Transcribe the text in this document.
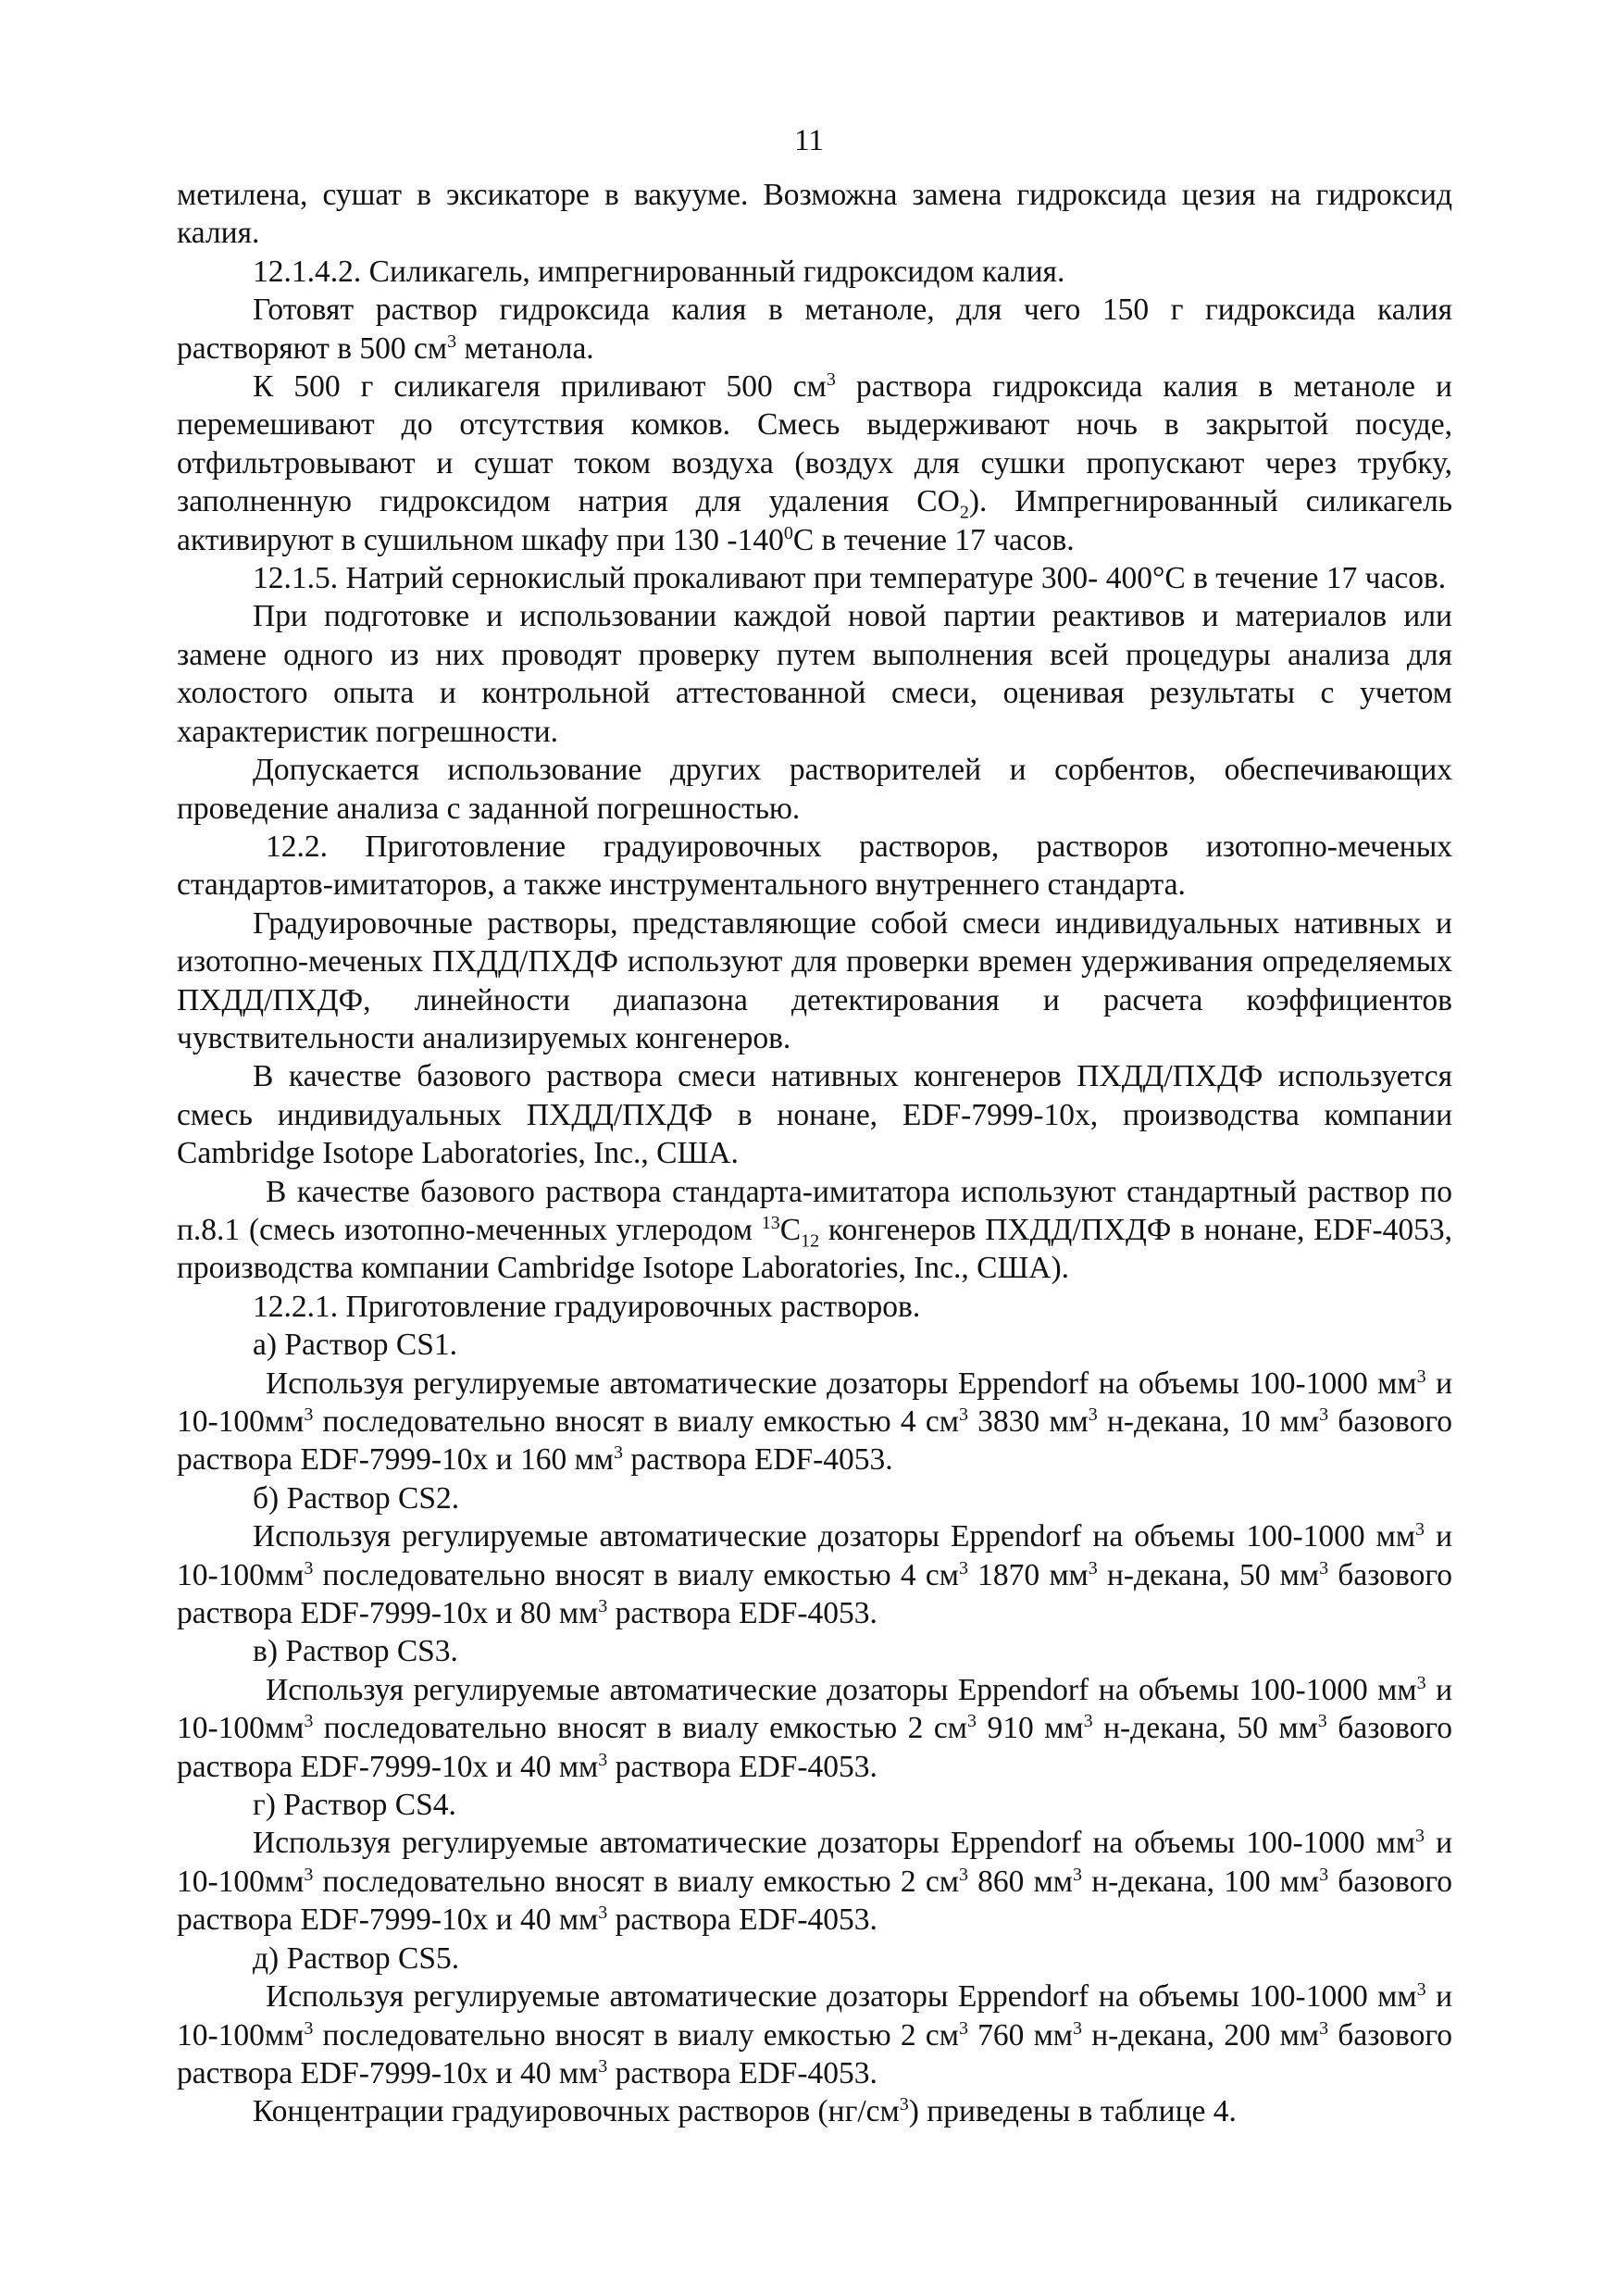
11

метилена, сушат в эксикаторе в вакууме. Возможна замена гидроксида цезия на гидроксид калия.

12.1.4.2. Силикагель, импрегнированный гидроксидом калия.

Готовят раствор гидроксида калия в метаноле, для чего 150 г гидроксида калия растворяют в 500 $см^3$ метанола.

К 500 г силикагеля приливают 500 $см^3$ раствора гидроксида калия в метаноле и перемешивают до отсутствия комков. Смесь выдерживают ночь в закрытой посуде, отфильтровывают и сушат током воздуха (воздух для сушки пропускают через трубку, заполненную гидроксидом натрия для удаления $СО_2$). Импрегнированный силикагель активируют в сушильном шкафу при 130 $-140^0С$ в течение 17 часов.

12.1.5. Натрий сернокислый прокаливают при температуре 300- 400°С в течение 17 часов.

При подготовке и использовании каждой новой партии реактивов и материалов или замене одного из них проводят проверку путем выполнения всей процедуры анализа для холостого опыта и контрольной аттестованной смеси, оценивая результаты с учетом характеристик погрешности.

Допускается использование других растворителей и сорбентов, обеспечивающих проведение анализа с заданной погрешностью.

12.2. Приготовление градуировочных растворов, растворов изотопно-меченых стандартов-имитаторов, а также инструментального внутреннего стандарта.

Градуировочные растворы, представляющие собой смеси индивидуальных нативных и изотопно-меченых ПХДД/ПХДФ используют для проверки времен удерживания определяемых ПХДД/ПХДФ, линейности диапазона детектирования и расчета коэффициентов чувствительности анализируемых конгенеров.

В качестве базового раствора смеси нативных конгенеров ПХДД/ПХДФ используется смесь индивидуальных ПХДД/ПХДФ в нонане, EDF-7999-10x, производства компании Cambridge Isotope Laboratories, Inc., США.

В качестве базового раствора стандарта-имитатора используют стандартный раствор по п.8.1 (смесь изотопно-меченных углеродом $^{13}С_{12}$ конгенеров ПХДД/ПХДФ в нонане, EDF-4053, производства компании Cambridge Isotope Laboratories, Inc., США).

12.2.1. Приготовление градуировочных растворов.

а) Раствор CS1.

Используя регулируемые автоматические дозаторы Eppendorf на объемы 100-1000 $мм^3$ и $10-100мм^3$ последовательно вносят в виалу емкостью 4 $см^3$ 3830 $мм^3$ н-декана, 10 $мм^3$ базового раствора EDF-7999-10x и 160 $мм^3$ раствора EDF-4053.

б) Раствор CS2.

Используя регулируемые автоматические дозаторы Eppendorf на объемы 100-1000 $мм^3$ и $10-100мм^3$ последовательно вносят в виалу емкостью 4 $см^3$ 1870 $мм^3$ н-декана, 50 $мм^3$ базового раствора EDF-7999-10x и 80 $мм^3$ раствора EDF-4053.

в) Раствор CS3.

Используя регулируемые автоматические дозаторы Eppendorf на объемы 100-1000 $мм^3$ и $10-100мм^3$ последовательно вносят в виалу емкостью 2 $см^3$ 910 $мм^3$ н-декана, 50 $мм^3$ базового раствора EDF-7999-10x и 40 $мм^3$ раствора EDF-4053.

г) Раствор CS4.

Используя регулируемые автоматические дозаторы Eppendorf на объемы 100-1000 $мм^3$ и $10-100мм^3$ последовательно вносят в виалу емкостью 2 $см^3$ 860 $мм^3$ н-декана, 100 $мм^3$ базового раствора EDF-7999-10x и 40 $мм^3$ раствора EDF-4053.

д) Раствор CS5.

Используя регулируемые автоматические дозаторы Eppendorf на объемы 100-1000 $мм^3$ и $10-100мм^3$ последовательно вносят в виалу емкостью 2 $см^3$ 760 $мм^3$ н-декана, 200 $мм^3$ базового раствора EDF-7999-10x и 40 $мм^3$ раствора EDF-4053.

Концентрации градуировочных растворов $(нг/см^3)$ приведены в таблице 4.
